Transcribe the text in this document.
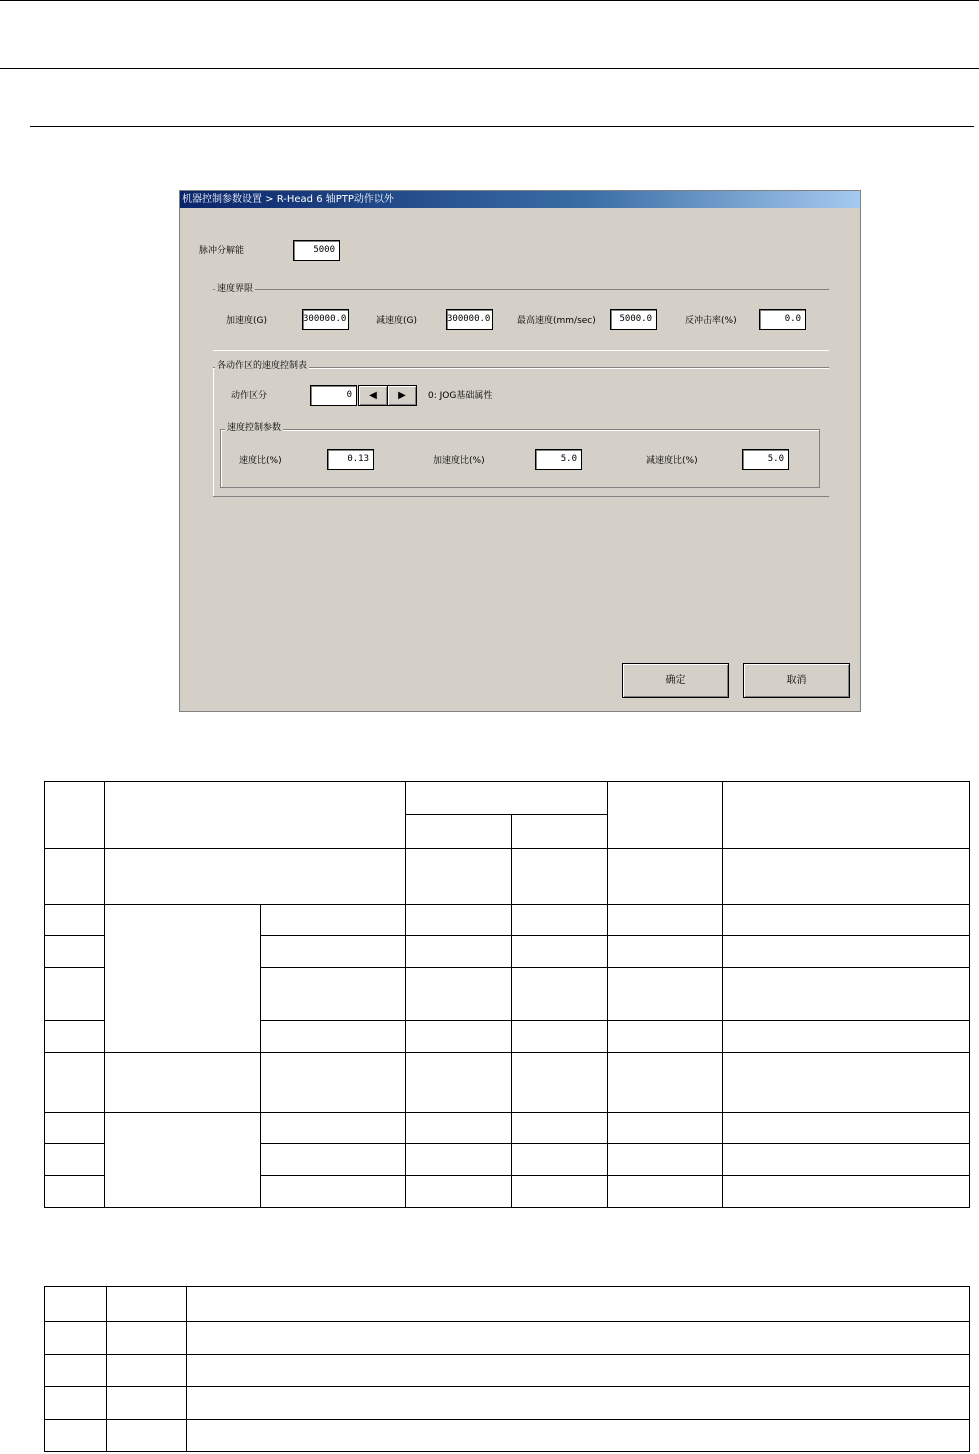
机器控制参数设置 > R-Head 6 轴PTP动作以外
脉冲分解能	5000
速度界限
加速度(G)	300000.0	减速度(G)	300000.0	最高速度(mm/sec)	5000.0	反冲击率(%)	0.0
各动作区的速度控制表
动作区分	0	◀	▶	0: JOG基础属性
速度控制参数
速度比(%)	0.13	加速度比(%)	5.0	减速度比(%)	5.0
确定	取消
